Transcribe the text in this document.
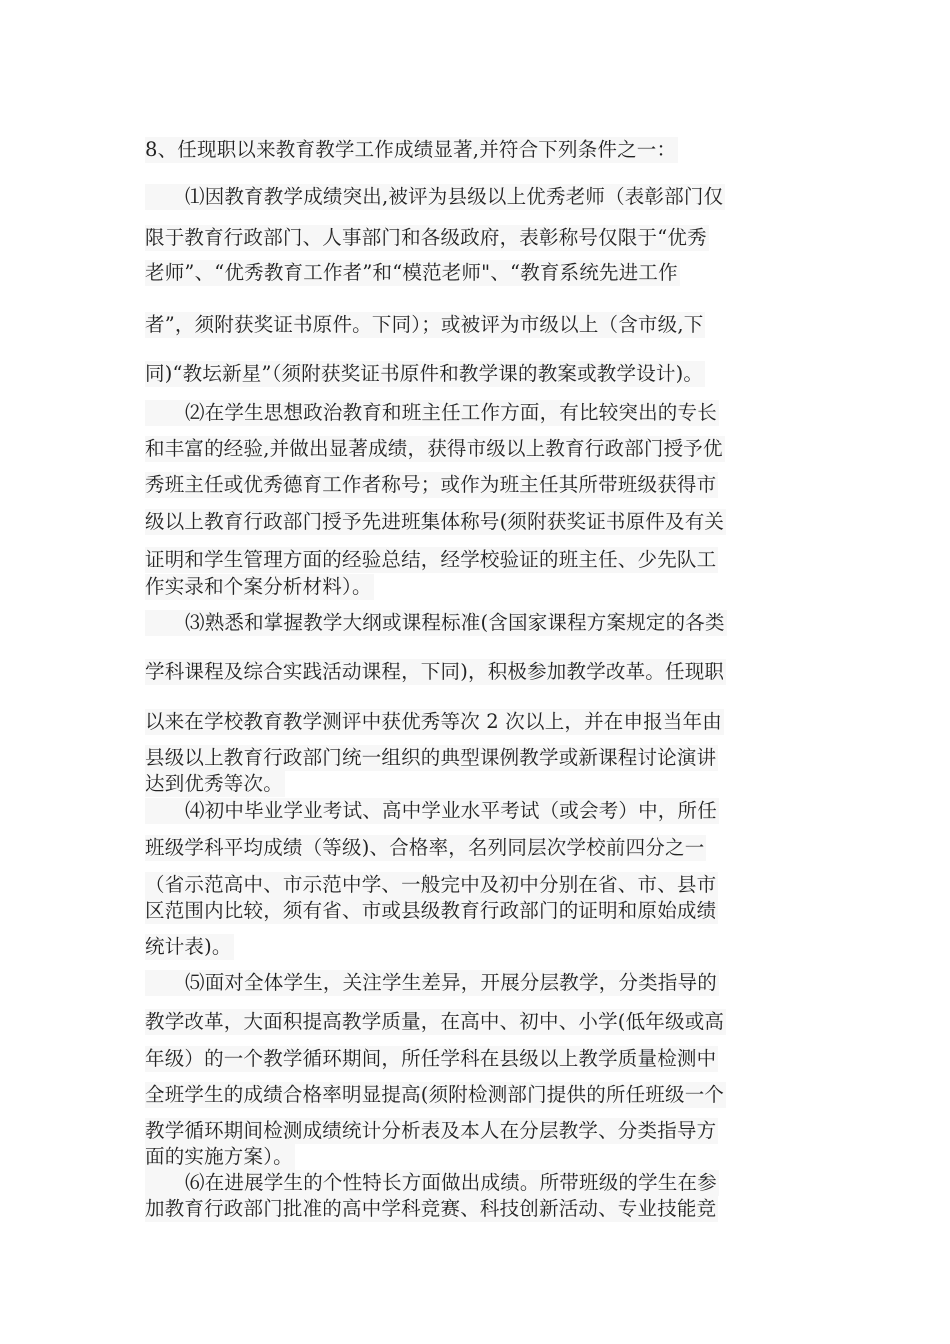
8、任现职以来教育教学工作成绩显著,并符合下列条件之一：
⑴因教育教学成绩突出,被评为县级以上优秀老师（表彰部门仅
限于教育行政部门、人事部门和各级政府，表彰称号仅限于“优秀
老师”、“优秀教育工作者”和“模范老师"、“教育系统先进工作
者”，须附获奖证书原件。下同）；或被评为市级以上（含市级,下
同)“教坛新星”（须附获奖证书原件和教学课的教案或教学设计)。
⑵在学生思想政治教育和班主任工作方面，有比较突出的专长
和丰富的经验,并做出显著成绩，获得市级以上教育行政部门授予优
秀班主任或优秀德育工作者称号；或作为班主任其所带班级获得市
级以上教育行政部门授予先进班集体称号(须附获奖证书原件及有关
证明和学生管理方面的经验总结，经学校验证的班主任、少先队工
作实录和个案分析材料）。
⑶熟悉和掌握教学大纲或课程标准(含国家课程方案规定的各类
学科课程及综合实践活动课程，下同)，积极参加教学改革。任现职
以来在学校教育教学测评中获优秀等次 2 次以上，并在申报当年由
县级以上教育行政部门统一组织的典型课例教学或新课程讨论演讲
达到优秀等次。
⑷初中毕业学业考试、高中学业水平考试（或会考）中，所任
班级学科平均成绩（等级)、合格率，名列同层次学校前四分之一
（省示范高中、市示范中学、一般完中及初中分别在省、市、县市
区范围内比较，须有省、市或县级教育行政部门的证明和原始成绩
统计表)。
⑸面对全体学生，关注学生差异，开展分层教学，分类指导的
教学改革，大面积提高教学质量，在高中、初中、小学(低年级或高
年级）的一个教学循环期间，所任学科在县级以上教学质量检测中
全班学生的成绩合格率明显提高(须附检测部门提供的所任班级一个
教学循环期间检测成绩统计分析表及本人在分层教学、分类指导方
面的实施方案）。
⑹在进展学生的个性特长方面做出成绩。所带班级的学生在参
加教育行政部门批准的高中学科竞赛、科技创新活动、专业技能竞
